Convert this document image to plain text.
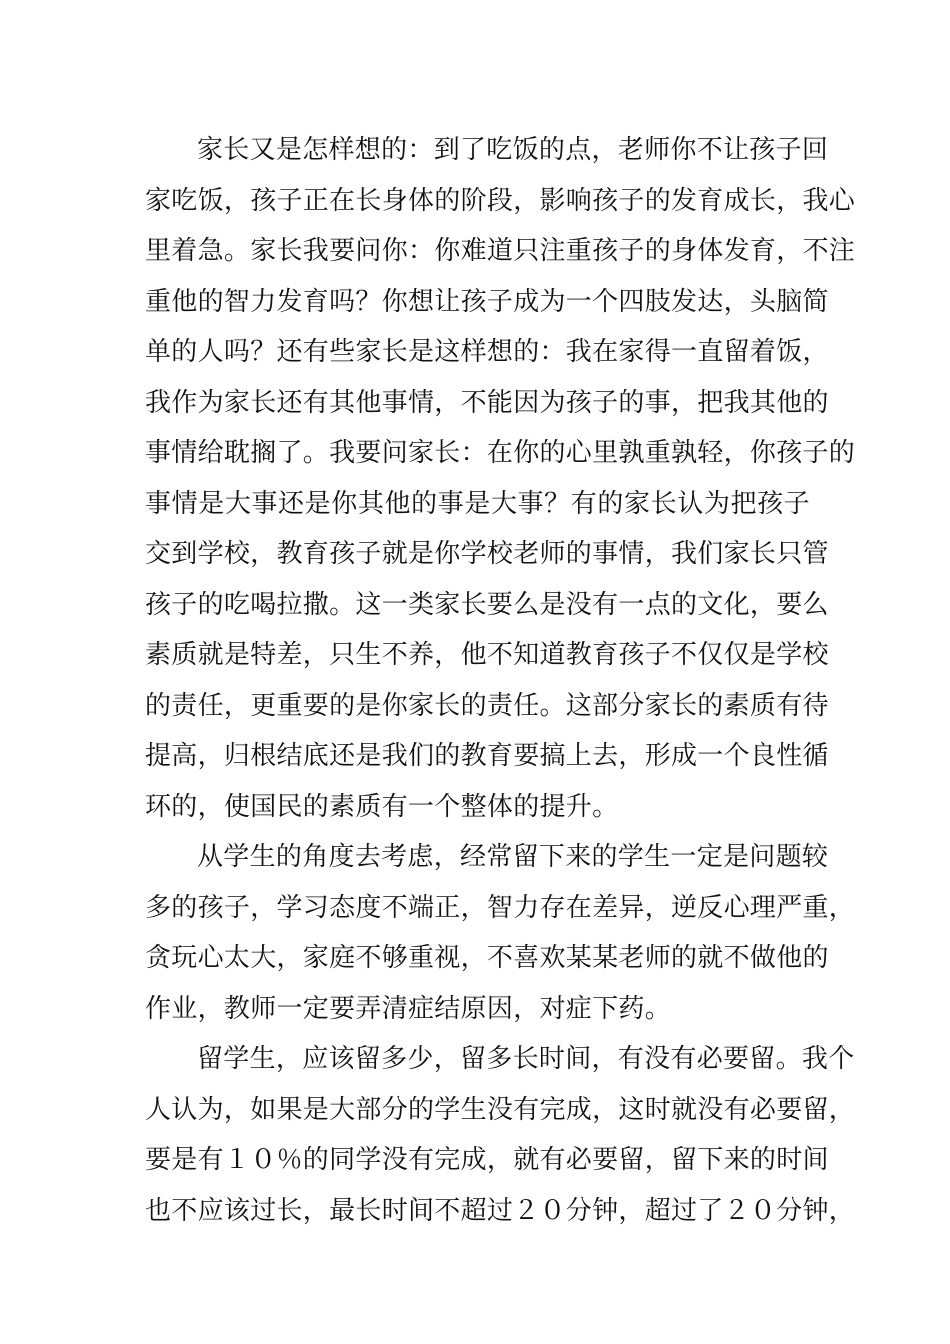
家长又是怎样想的：到了吃饭的点，老师你不让孩子回
家吃饭，孩子正在长身体的阶段，影响孩子的发育成长，我心
里着急。家长我要问你：你难道只注重孩子的身体发育，不注
重他的智力发育吗？你想让孩子成为一个四肢发达，头脑简
单的人吗？还有些家长是这样想的：我在家得一直留着饭，
我作为家长还有其他事情，不能因为孩子的事，把我其他的
事情给耽搁了。我要问家长：在你的心里孰重孰轻，你孩子的
事情是大事还是你其他的事是大事？有的家长认为把孩子
交到学校，教育孩子就是你学校老师的事情，我们家长只管
孩子的吃喝拉撒。这一类家长要么是没有一点的文化，要么
素质就是特差，只生不养，他不知道教育孩子不仅仅是学校
的责任，更重要的是你家长的责任。这部分家长的素质有待
提高，归根结底还是我们的教育要搞上去，形成一个良性循
环的，使国民的素质有一个整体的提升。
从学生的角度去考虑，经常留下来的学生一定是问题较
多的孩子，学习态度不端正，智力存在差异，逆反心理严重，
贪玩心太大，家庭不够重视，不喜欢某某老师的就不做他的
作业，教师一定要弄清症结原因，对症下药。
留学生，应该留多少，留多长时间，有没有必要留。我个
人认为，如果是大部分的学生没有完成，这时就没有必要留，
要是有１０％的同学没有完成，就有必要留，留下来的时间
也不应该过长，最长时间不超过２０分钟，超过了２０分钟，
